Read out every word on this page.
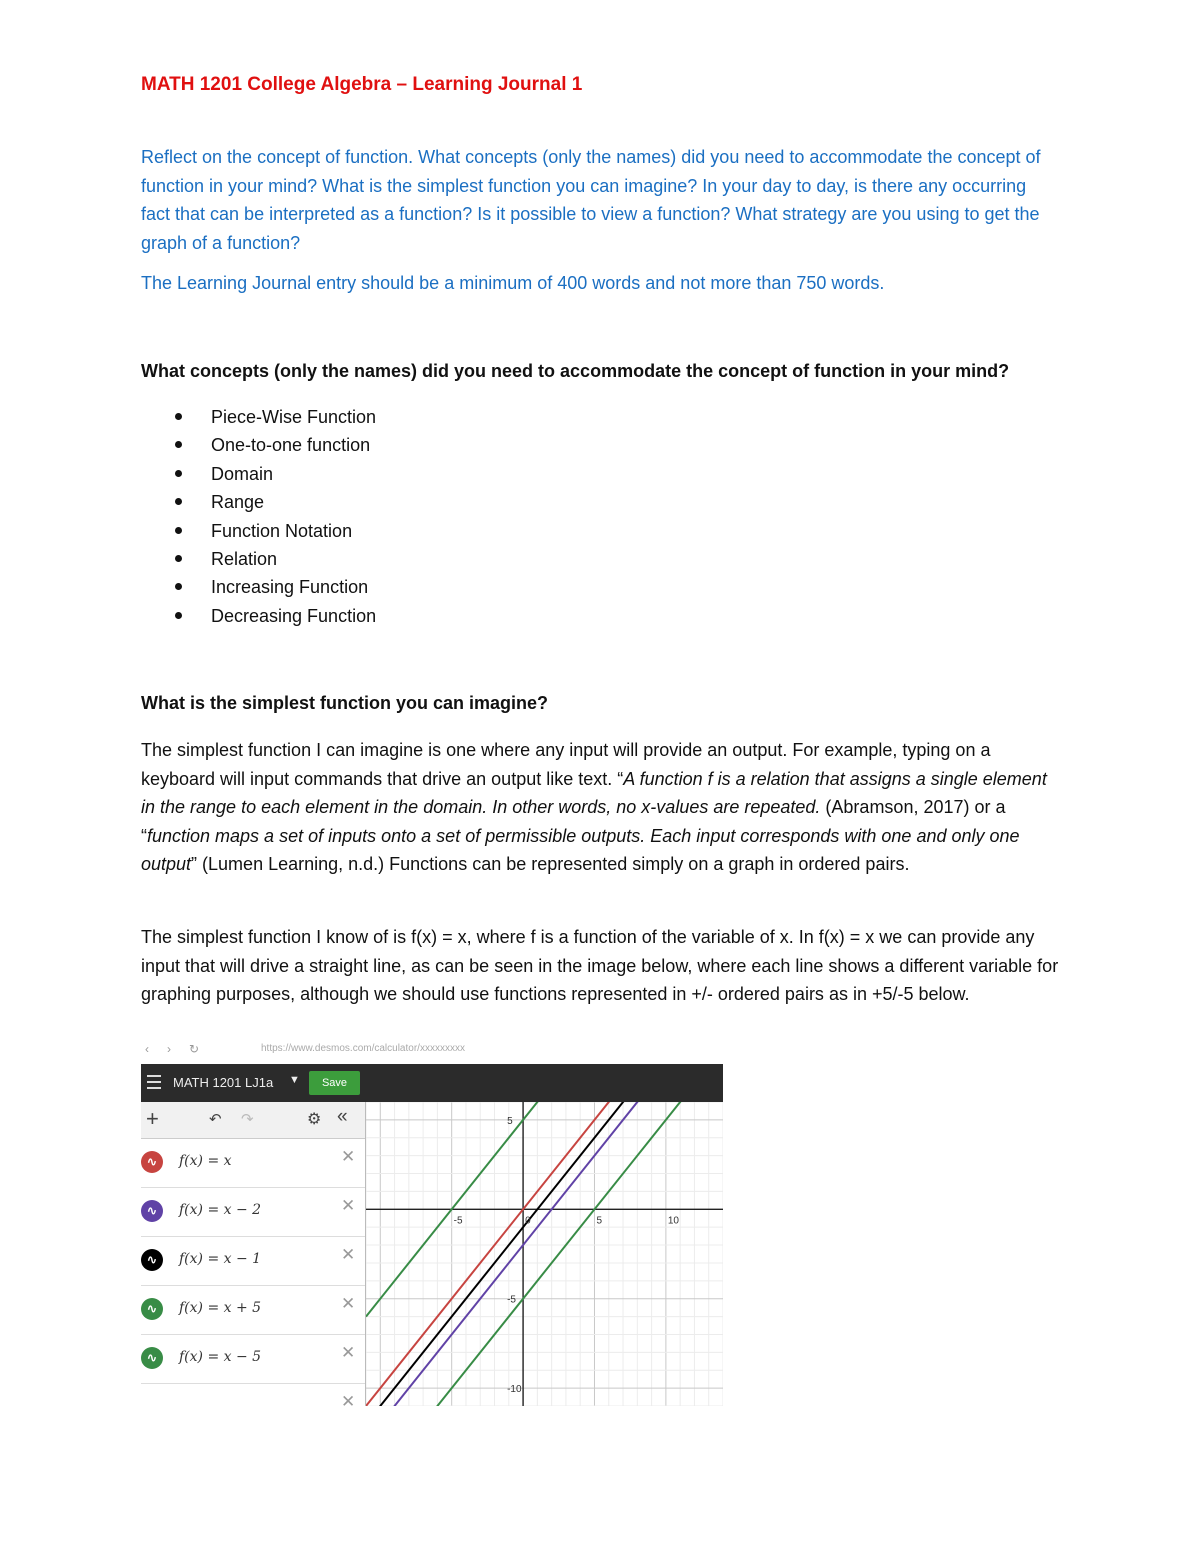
MATH 1201 College Algebra – Learning Journal 1

Reflect on the concept of function. What concepts (only the names) did you need to accommodate the concept of function in your mind? What is the simplest function you can imagine? In your day to day, is there any occurring fact that can be interpreted as a function? Is it possible to view a function? What strategy are you using to get the graph of a function?

The Learning Journal entry should be a minimum of 400 words and not more than 750 words.

What concepts (only the names) did you need to accommodate the concept of function in your mind?

Piece-Wise Function
One-to-one function
Domain
Range
Function Notation
Relation
Increasing Function
Decreasing Function

What is the simplest function you can imagine?

The simplest function I can imagine is one where any input will provide an output. For example, typing on a keyboard will input commands that drive an output like text. “A function f is a relation that assigns a single element in the range to each element in the domain. In other words, no x-values are repeated. (Abramson, 2017) or a “function maps a set of inputs onto a set of permissible outputs. Each input corresponds with one and only one output” (Lumen Learning, n.d.) Functions can be represented simply on a graph in ordered pairs.

The simplest function I know of is f(x) = x, where f is a function of the variable of x. In f(x) = x we can provide any input that will drive a straight line, as can be seen in the image below, where each line shows a different variable for graphing purposes, although we should use functions represented in +/- ordered pairs as in +5/-5 below.

‹›↻	https://www.desmos.com/calculator/xxxxxxxxx
MATH 1201 LJ1a ▼	Save
+	↶ ↷	⚙ «
∿	f(x) = x	✕
∿	f(x) = x − 2	✕
∿	f(x) = x − 1	✕
∿	f(x) = x + 5	✕
∿	f(x) = x − 5	✕
✕
-5	0	5	10
5
-5
-10
